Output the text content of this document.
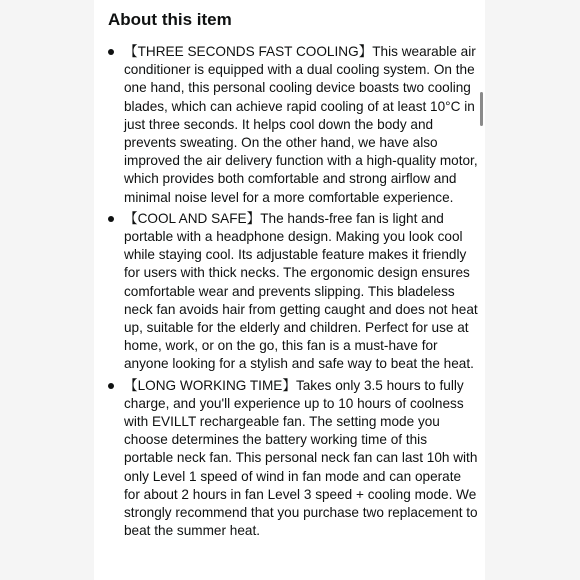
About this item
【THREE SECONDS FAST COOLING】This wearable air conditioner is equipped with a dual cooling system. On the one hand, this personal cooling device boasts two cooling blades, which can achieve rapid cooling of at least 10°C in just three seconds. It helps cool down the body and prevents sweating. On the other hand, we have also improved the air delivery function with a high-quality motor, which provides both comfortable and strong airflow and minimal noise level for a more comfortable experience.
【COOL AND SAFE】The hands-free fan is light and portable with a headphone design. Making you look cool while staying cool. Its adjustable feature makes it friendly for users with thick necks. The ergonomic design ensures comfortable wear and prevents slipping. This bladeless neck fan avoids hair from getting caught and does not heat up, suitable for the elderly and children. Perfect for use at home, work, or on the go, this fan is a must-have for anyone looking for a stylish and safe way to beat the heat.
【LONG WORKING TIME】Takes only 3.5 hours to fully charge, and you'll experience up to 10 hours of coolness with EVILLT rechargeable fan. The setting mode you choose determines the battery working time of this portable neck fan. This personal neck fan can last 10h with only Level 1 speed of wind in fan mode and can operate for about 2 hours in fan Level 3 speed + cooling mode. We strongly recommend that you purchase two replacement to beat the summer heat.
